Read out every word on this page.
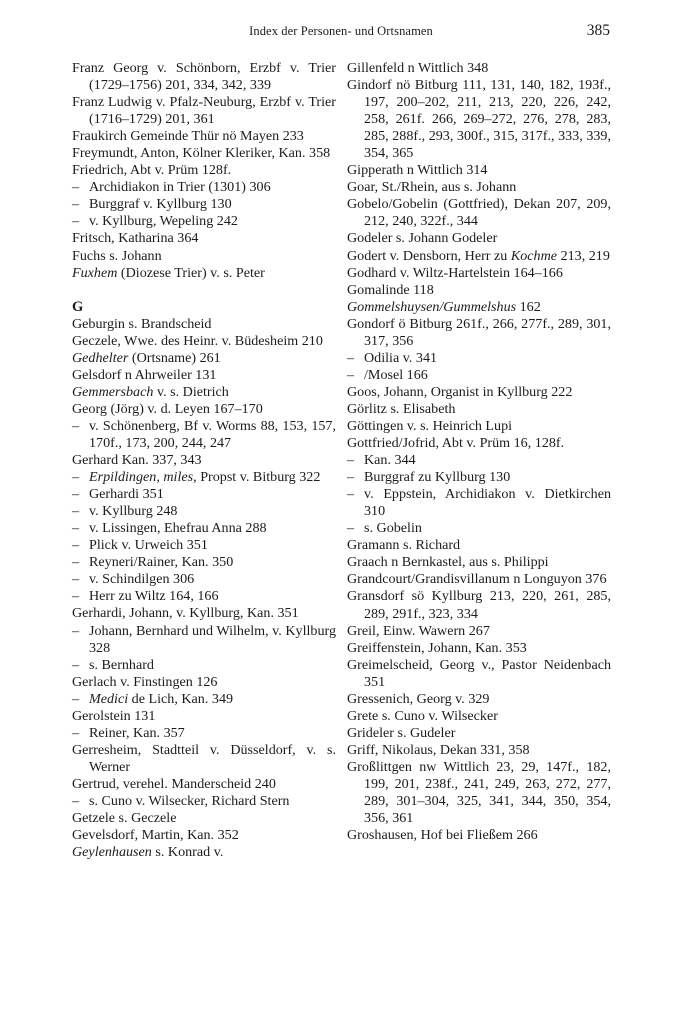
Index der Personen- und Ortsnamen	385
Franz Georg v. Schönborn, Erzbf v. Trier (1729–1756) 201, 334, 342, 339
Franz Ludwig v. Pfalz-Neuburg, Erzbf v. Trier (1716–1729) 201, 361
Fraukirch Gemeinde Thür nö Mayen 233
Freymundt, Anton, Kölner Kleriker, Kan. 358
Friedrich, Abt v. Prüm 128f.
– Archidiakon in Trier (1301) 306
– Burggraf v. Kyllburg 130
– v. Kyllburg, Wepeling 242
Fritsch, Katharina 364
Fuchs s. Johann
Fuxhem (Diozese Trier) v. s. Peter
G
Geburgin s. Brandscheid
Geczele, Wwe. des Heinr. v. Büdesheim 210
Gedhelter (Ortsname) 261
Gelsdorf n Ahrweiler 131
Gemmersbach v. s. Dietrich
Georg (Jörg) v. d. Leyen 167–170
– v. Schönenberg, Bf v. Worms 88, 153, 157, 170f., 173, 200, 244, 247
Gerhard Kan. 337, 343
– Erpildingen, miles, Propst v. Bitburg 322
– Gerhardi 351
– v. Kyllburg 248
– v. Lissingen, Ehefrau Anna 288
– Plick v. Urweich 351
– Reyneri/Rainer, Kan. 350
– v. Schindilgen 306
– Herr zu Wiltz 164, 166
Gerhardi, Johann, v. Kyllburg, Kan. 351
– Johann, Bernhard und Wilhelm, v. Kyllburg 328
– s. Bernhard
Gerlach v. Finstingen 126
– Medici de Lich, Kan. 349
Gerolstein 131
– Reiner, Kan. 357
Gerresheim, Stadtteil v. Düsseldorf, v. s. Werner
Gertrud, verehel. Manderscheid 240
– s. Cuno v. Wilsecker, Richard Stern
Getzele s. Geczele
Gevelsdorf, Martin, Kan. 352
Geylenhausen s. Konrad v.
Gillenfeld n Wittlich 348
Gindorf nö Bitburg 111, 131, 140, 182, 193f., 197, 200–202, 211, 213, 220, 226, 242, 258, 261f. 266, 269–272, 276, 278, 283, 285, 288f., 293, 300f., 315, 317f., 333, 339, 354, 365
Gipperath n Wittlich 314
Goar, St./Rhein, aus s. Johann
Gobelo/Gobelin (Gottfried), Dekan 207, 209, 212, 240, 322f., 344
Godeler s. Johann Godeler
Godert v. Densborn, Herr zu Kochme 213, 219
Godhard v. Wiltz-Hartelstein 164–166
Gomalinde 118
Gommelshuysen/Gummelshus 162
Gondorf ö Bitburg 261f., 266, 277f., 289, 301, 317, 356
– Odilia v. 341
– /Mosel 166
Goos, Johann, Organist in Kyllburg 222
Görlitz s. Elisabeth
Göttingen v. s. Heinrich Lupi
Gottfried/Jofrid, Abt v. Prüm 16, 128f.
– Kan. 344
– Burggraf zu Kyllburg 130
– v. Eppstein, Archidiakon v. Dietkirchen 310
– s. Gobelin
Gramann s. Richard
Graach n Bernkastel, aus s. Philippi
Grandcourt/Grandisvillanum n Longuyon 376
Gransdorf sö Kyllburg 213, 220, 261, 285, 289, 291f., 323, 334
Greil, Einw. Wawern 267
Greiffenstein, Johann, Kan. 353
Greimelscheid, Georg v., Pastor Neidenbach 351
Gressenich, Georg v. 329
Grete s. Cuno v. Wilsecker
Grideler s. Gudeler
Griff, Nikolaus, Dekan 331, 358
Großlittgen nw Wittlich 23, 29, 147f., 182, 199, 201, 238f., 241, 249, 263, 272, 277, 289, 301–304, 325, 341, 344, 350, 354, 356, 361
Groshausen, Hof bei Fließem 266
